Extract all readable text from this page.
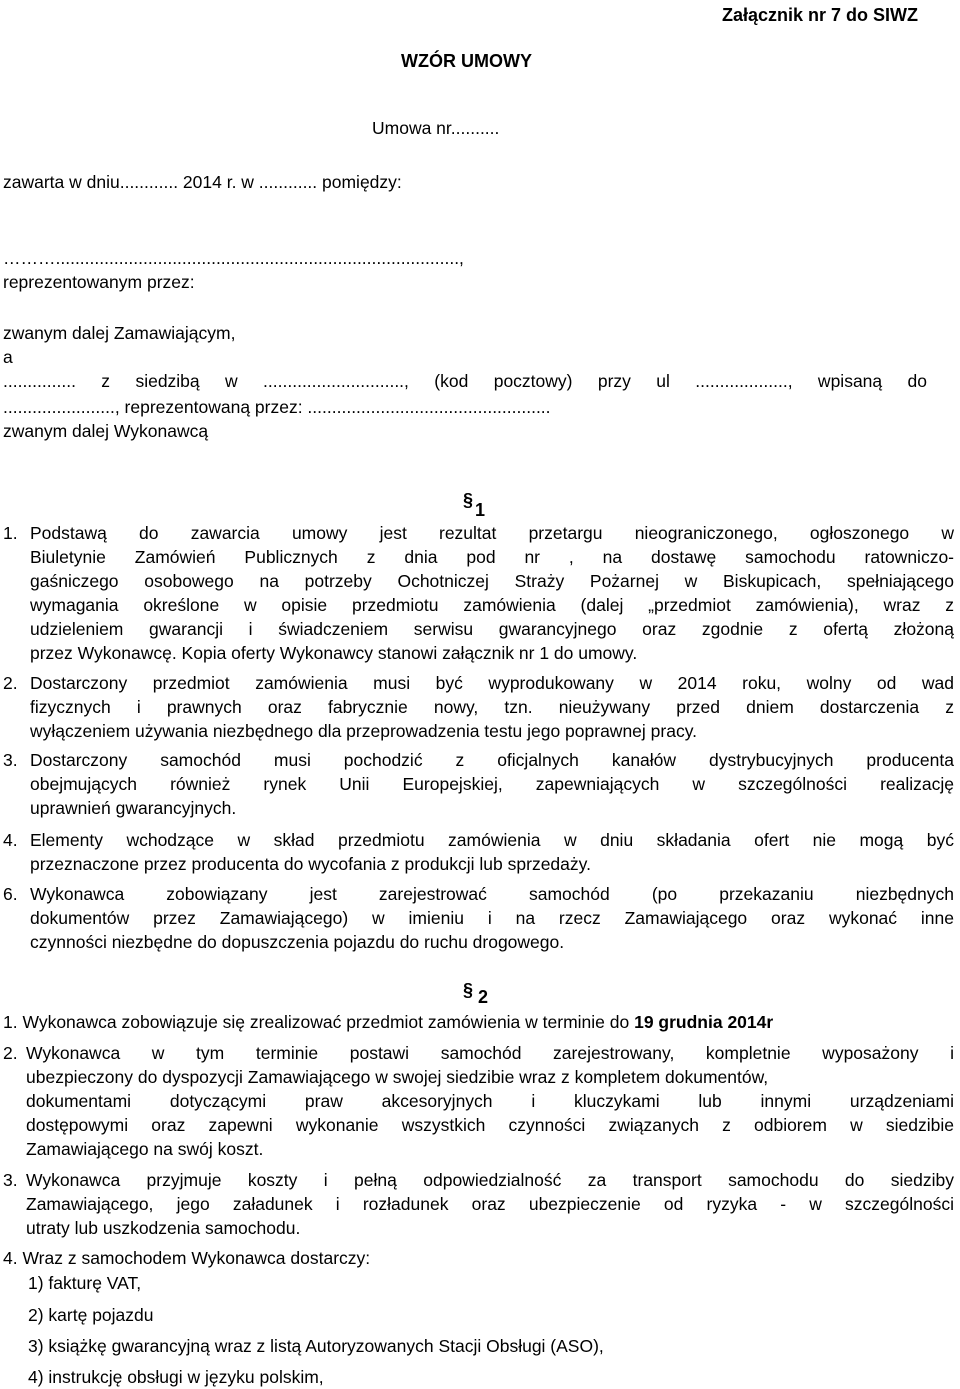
Załącznik nr 7 do SIWZ
WZÓR UMOWY
Umowa nr..........
zawarta w dniu............ 2014 r. w ............ pomiędzy:
………...................................................................................,
reprezentowanym przez:
zwanym dalej Zamawiającym,
a
............... z siedzibą w ............................., (kod pocztowy) przy ul ..................., wpisaną do
......................., reprezentowaną przez: ..................................................
zwanym dalej Wykonawcą
§ 1
1. Podstawą do zawarcia umowy jest rezultat przetargu nieograniczonego, ogłoszonego w

Biuletynie Zamówień Publicznych z dnia pod nr , na dostawę samochodu ratowniczo-

gaśniczego osobowego na potrzeby Ochotniczej Straży Pożarnej w Biskupicach, spełniającego

wymagania określone w opisie przedmiotu zamówienia (dalej „przedmiot zamówienia), wraz z

udzieleniem gwarancji i świadczeniem serwisu gwarancyjnego oraz zgodnie z ofertą złożoną

przez Wykonawcę. Kopia oferty Wykonawcy stanowi załącznik nr 1 do umowy.

2. Dostarczony przedmiot zamówienia musi być wyprodukowany w 2014 roku, wolny od wad

fizycznych i prawnych oraz fabrycznie nowy, tzn. nieużywany przed dniem dostarczenia z

wyłączeniem używania niezbędnego dla przeprowadzenia testu jego poprawnej pracy.

3. Dostarczony samochód musi pochodzić z oficjalnych kanałów dystrybucyjnych producenta

obejmujących również rynek Unii Europejskiej, zapewniających w szczególności realizację

uprawnień gwarancyjnych.

4. Elementy wchodzące w skład przedmiotu zamówienia w dniu składania ofert nie mogą być

przeznaczone przez producenta do wycofania z produkcji lub sprzedaży.

6. Wykonawca zobowiązany jest zarejestrować samochód (po przekazaniu niezbędnych

dokumentów przez Zamawiającego) w imieniu i na rzecz Zamawiającego oraz wykonać inne

czynności niezbędne do dopuszczenia pojazdu do ruchu drogowego.

§ 2
1. Wykonawca zobowiązuje się zrealizować przedmiot zamówienia w terminie do 19 grudnia 2014r
2. Wykonawca w tym terminie postawi samochód zarejestrowany, kompletnie wyposażony i

ubezpieczony do dyspozycji Zamawiającego w swojej siedzibie wraz z kompletem dokumentów,

dokumentami dotyczącymi praw akcesoryjnych i kluczykami lub innymi urządzeniami

dostępowymi oraz zapewni wykonanie wszystkich czynności związanych z odbiorem w siedzibie

Zamawiającego na swój koszt.

3. Wykonawca przyjmuje koszty i pełną odpowiedzialność za transport samochodu do siedziby

Zamawiającego, jego załadunek i rozładunek oraz ubezpieczenie od ryzyka - w szczególności

utraty lub uszkodzenia samochodu.

4. Wraz z samochodem Wykonawca dostarczy:
1) fakturę VAT,
2) kartę pojazdu
3) książkę gwarancyjną wraz z listą Autoryzowanych Stacji Obsługi (ASO),
4) instrukcję obsługi w języku polskim,
